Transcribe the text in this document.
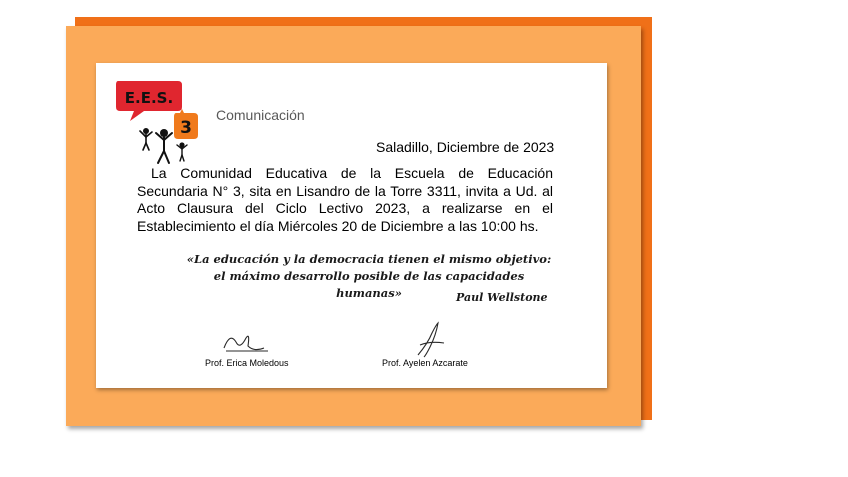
E.E.S.
3
Comunicación
Saladillo, Diciembre de 2023
La Comunidad Educativa de la Escuela de Educación Secundaria N° 3, sita en Lisandro de la Torre 3311, invita a Ud. al Acto Clausura del Ciclo Lectivo 2023, a realizarse en el Establecimiento el día Miércoles 20 de Diciembre a las 10:00 hs.
«La educación y la democracia tienen el mismo objetivo:
el máximo desarrollo posible de las capacidades humanas»	Paul Wellstone
Prof. Erica Moledous	Prof. Ayelen Azcarate
